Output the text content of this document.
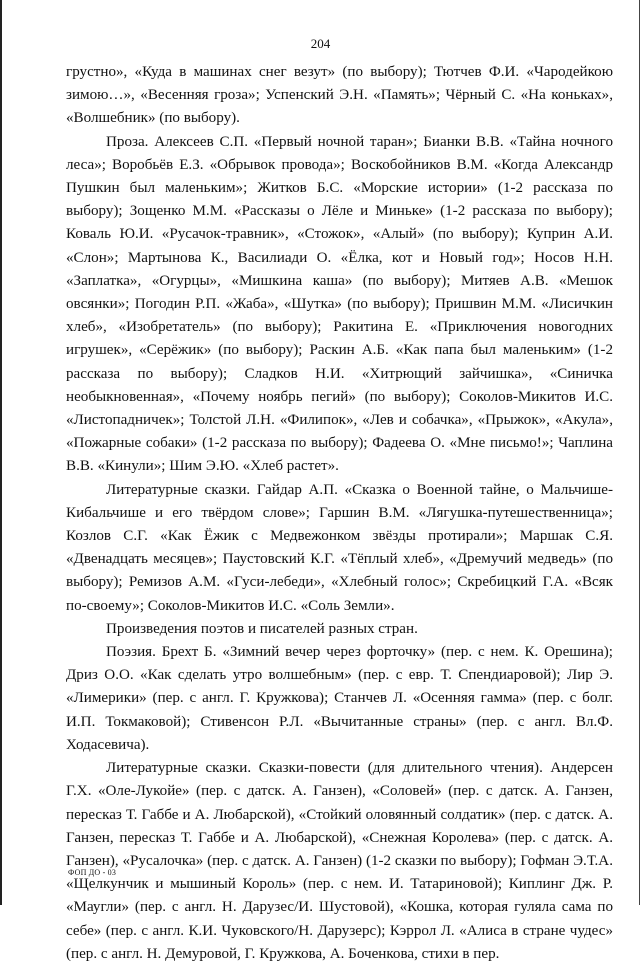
204

грустно», «Куда в машинах снег везут» (по выбору); Тютчев Ф.И. «Чародейкою зимою…», «Весенняя гроза»; Успенский Э.Н. «Память»; Чёрный С. «На коньках», «Волшебник» (по выбору).

Проза. Алексеев С.П. «Первый ночной таран»; Бианки В.В. «Тайна ночного леса»; Воробьёв Е.З. «Обрывок провода»; Воскобойников В.М. «Когда Александр Пушкин был маленьким»; Житков Б.С. «Морские истории» (1-2 рассказа по выбору); Зощенко М.М. «Рассказы о Лёле и Миньке» (1-2 рассказа по выбору); Коваль Ю.И. «Русачок-травник», «Стожок», «Алый» (по выбору); Куприн А.И. «Слон»; Мартынова К., Василиади О. «Ёлка, кот и Новый год»; Носов Н.Н. «Заплатка», «Огурцы», «Мишкина каша» (по выбору); Митяев А.В. «Мешок овсянки»; Погодин Р.П. «Жаба», «Шутка» (по выбору); Пришвин М.М. «Лисичкин хлеб», «Изобретатель» (по выбору); Ракитина Е. «Приключения новогодних игрушек», «Серёжик» (по выбору); Раскин А.Б. «Как папа был маленьким» (1-2 рассказа по выбору); Сладков Н.И. «Хитрющий зайчишка», «Синичка необыкновенная», «Почему ноябрь пегий» (по выбору); Соколов-Микитов И.С. «Листопадничек»; Толстой Л.Н. «Филипок», «Лев и собачка», «Прыжок», «Акула», «Пожарные собаки» (1-2 рассказа по выбору); Фадеева О. «Мне письмо!»; Чаплина В.В. «Кинули»; Шим Э.Ю. «Хлеб растет».

Литературные сказки. Гайдар А.П. «Сказка о Военной тайне, о Мальчише-Кибальчише и его твёрдом слове»; Гаршин В.М. «Лягушка-путешественница»; Козлов С.Г. «Как Ёжик с Медвежонком звёзды протирали»; Маршак С.Я. «Двенадцать месяцев»; Паустовский К.Г. «Тёплый хлеб», «Дремучий медведь» (по выбору); Ремизов А.М. «Гуси-лебеди», «Хлебный голос»; Скребицкий Г.А. «Всяк по-своему»; Соколов-Микитов И.С. «Соль Земли».

Произведения поэтов и писателей разных стран.

Поэзия. Брехт Б. «Зимний вечер через форточку» (пер. с нем. К. Орешина); Дриз О.О. «Как сделать утро волшебным» (пер. с евр. Т. Спендиаровой); Лир Э. «Лимерики» (пер. с англ. Г. Кружкова); Станчев Л. «Осенняя гамма» (пер. с болг. И.П. Токмаковой); Стивенсон Р.Л. «Вычитанные страны» (пер. с англ. Вл.Ф. Ходасевича).

Литературные сказки. Сказки-повести (для длительного чтения). Андерсен Г.Х. «Оле-Лукойе» (пер. с датск. А. Ганзен), «Соловей» (пер. с датск. А. Ганзен, пересказ Т. Габбе и А. Любарской), «Стойкий оловянный солдатик» (пер. с датск. А. Ганзен, пересказ Т. Габбе и А. Любарской), «Снежная Королева» (пер. с датск. А. Ганзен), «Русалочка» (пер. с датск. А. Ганзен) (1-2 сказки по выбору); Гофман Э.Т.А. «Щелкунчик и мышиный Король» (пер. с нем. И. Татариновой); Киплинг Дж. Р. «Маугли» (пер. с англ. Н. Дарузес/И. Шустовой), «Кошка, которая гуляла сама по себе» (пер. с англ. К.И. Чуковского/Н. Дарузерс); Кэррол Л. «Алиса в стране чудес» (пер. с англ. Н. Демуровой, Г. Кружкова, А. Боченкова, стихи в пер.

ФОП ДО - 03
